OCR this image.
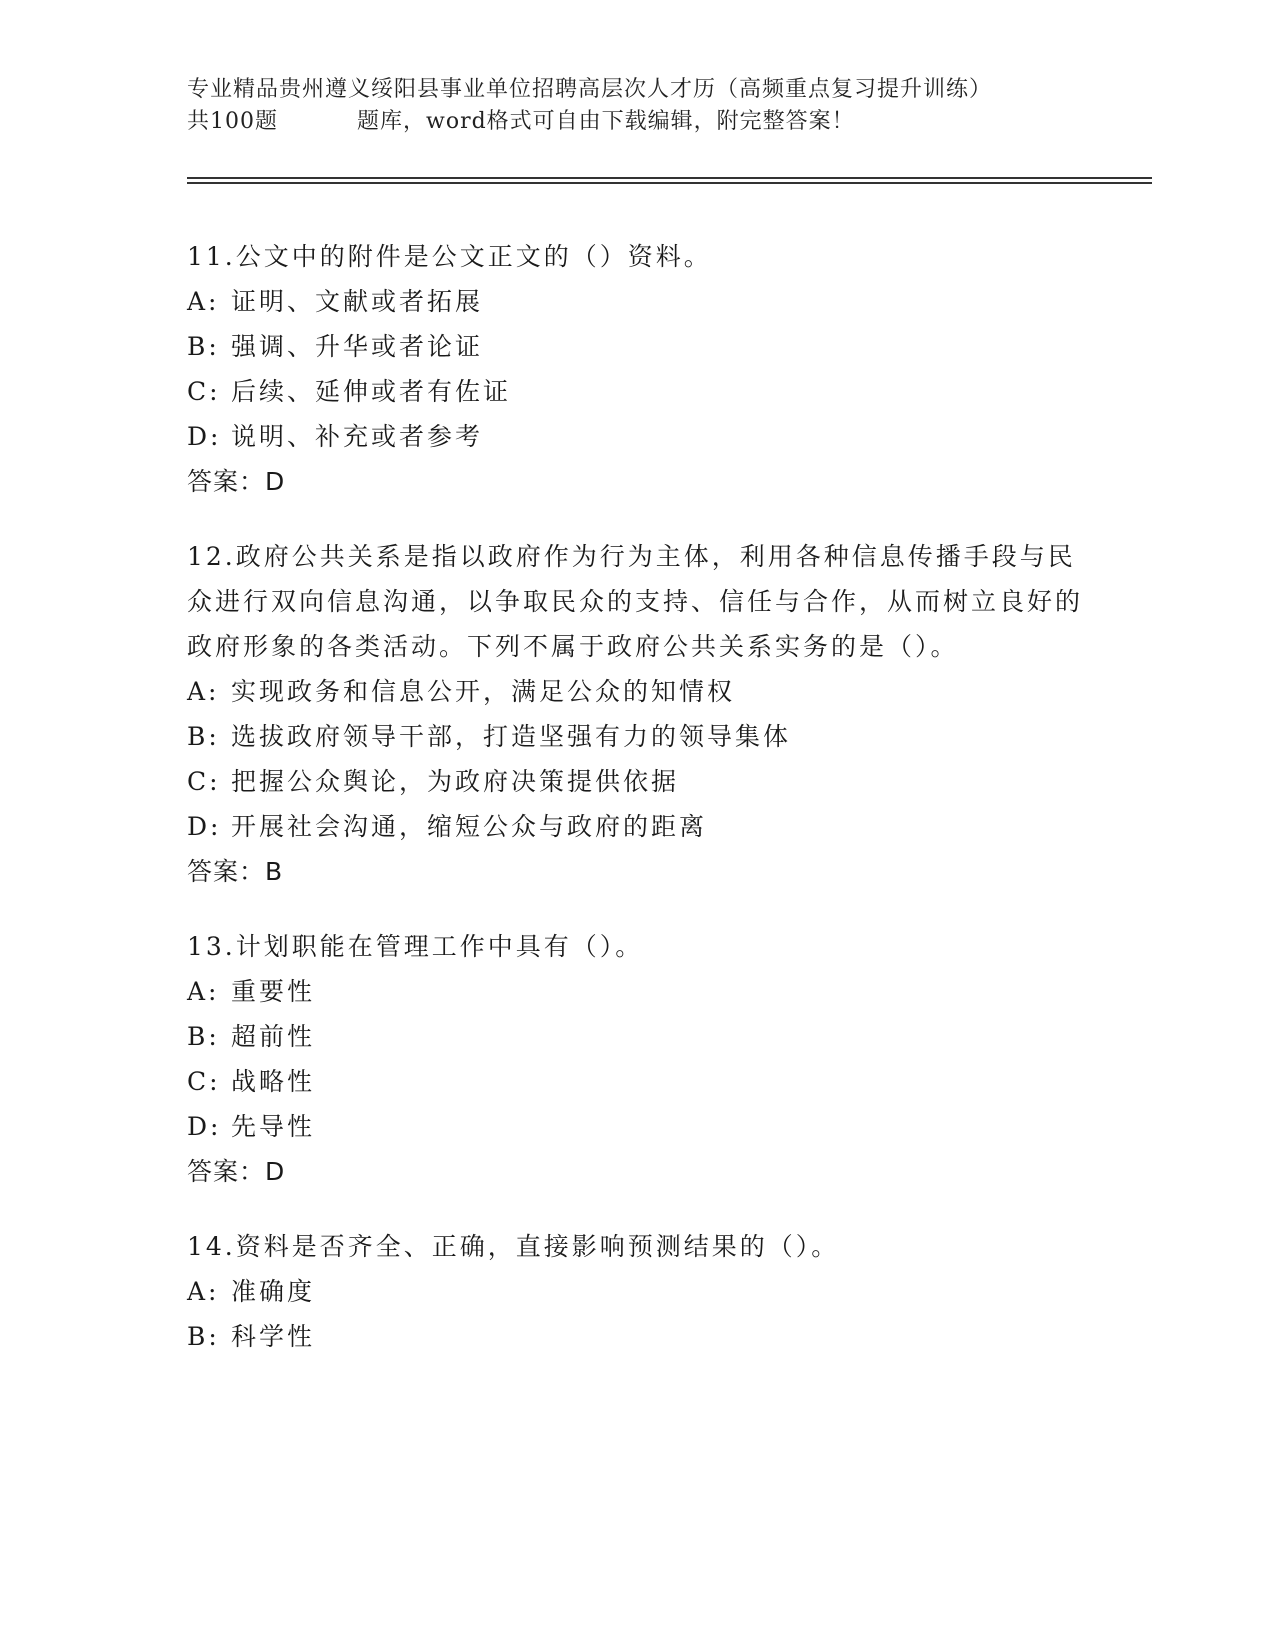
专业精品贵州遵义绥阳县事业单位招聘高层次人才历（高频重点复习提升训练）
共100题	题库，word格式可自由下载编辑，附完整答案！
11.公文中的附件是公文正文的（）资料。
A: 证明、文献或者拓展
B: 强调、升华或者论证
C: 后续、延伸或者有佐证
D: 说明、补充或者参考
答案：D
12.政府公共关系是指以政府作为行为主体，利用各种信息传播手段与民众进行双向信息沟通，以争取民众的支持、信任与合作，从而树立良好的政府形象的各类活动。下列不属于政府公共关系实务的是（）。
A: 实现政务和信息公开，满足公众的知情权
B: 选拔政府领导干部，打造坚强有力的领导集体
C: 把握公众舆论，为政府决策提供依据
D: 开展社会沟通，缩短公众与政府的距离
答案：B
13.计划职能在管理工作中具有（）。
A: 重要性
B: 超前性
C: 战略性
D: 先导性
答案：D
14.资料是否齐全、正确，直接影响预测结果的（）。
A: 准确度
B: 科学性
